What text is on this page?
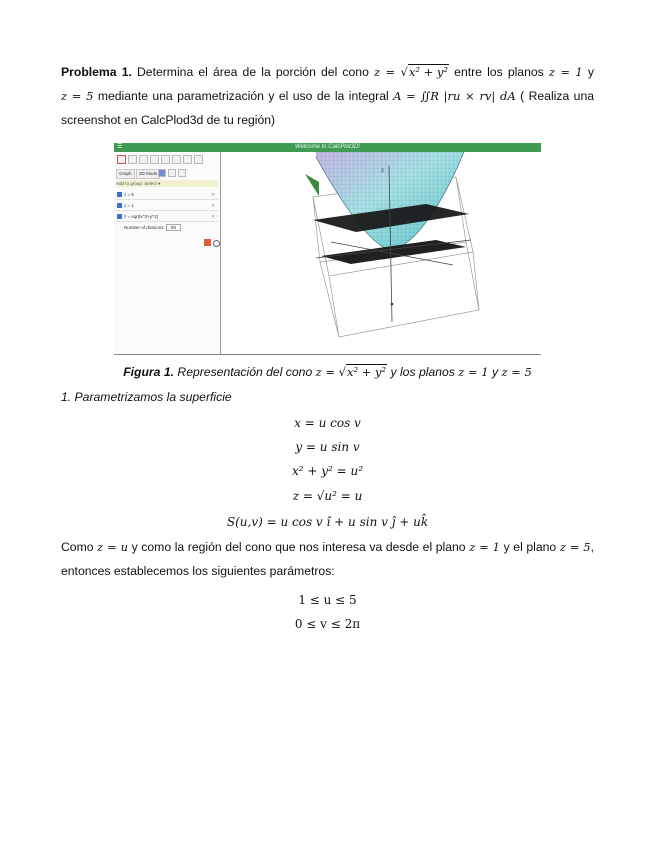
Problema 1. Determina el área de la porción del cono z = √x² + y² entre los planos z = 1 y z = 5 mediante una parametrización y el uso de la integral A = ∬R |ru × rv| dA ( Realiza una screenshot en CalcPlod3d de tu región)
☰	Welcome to CalcPlot3D!
Graph	3D Mode
Add to group: Select ▾
z = 5	✕
z = 1	✕
z = sqrt(x^2+y^2)	✕
Number of divisions: 50
z
Figura 1. Representación del cono z = √x² + y² y los planos z = 1 y z = 5
1. Parametrizamos la superficie
x = u cos v
y = u sin v
x² + y² = u²
z = √u² = u
S(u,v) = u cos v î + u sin v ĵ + uk̂
Como z = u y como la región del cono que nos interesa va desde el plano z = 1 y el plano z = 5, entonces establecemos los siguientes parámetros:
1 ≤ u ≤ 5
0 ≤ v ≤ 2π
